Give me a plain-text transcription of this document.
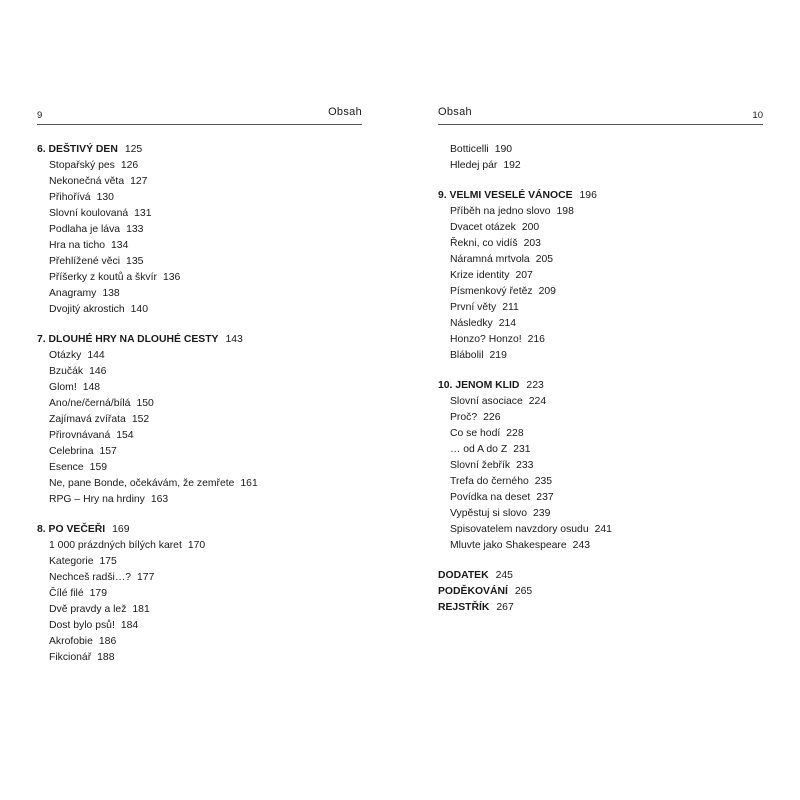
9	Obsah
6. DEŠTIVÝ DEN 125
Stopařský pes 126
Nekonečná věta 127
Přihořívá 130
Slovní koulovaná 131
Podlaha je láva 133
Hra na ticho 134
Přehlížené věci 135
Příšerky z koutů a škvír 136
Anagramy 138
Dvojitý akrostich 140
7. DLOUHÉ HRY NA DLOUHÉ CESTY 143
Otázky 144
Bzučák 146
Glom! 148
Ano/ne/černá/bílá 150
Zajímavá zvířata 152
Přirovnávaná 154
Celebrina 157
Esence 159
Ne, pane Bonde, očekávám, že zemřete 161
RPG – Hry na hrdiny 163
8. PO VEČEŘI 169
1 000 prázdných bílých karet 170
Kategorie 175
Nechceš radši…? 177
Čílé filé 179
Dvě pravdy a lež 181
Dost bylo psů! 184
Akrofobie 186
Fikcionář 188
Obsah	10
Botticelli 190
Hledej pár 192
9. VELMI VESELÉ VÁNOCE 196
Příběh na jedno slovo 198
Dvacet otázek 200
Řekni, co vidíš 203
Náramná mrtvola 205
Krize identity 207
Písmenkový řetěz 209
První věty 211
Následky 214
Honzo? Honzo! 216
Blábolil 219
10. JENOM KLID 223
Slovní asociace 224
Proč? 226
Co se hodí 228
… od A do Z 231
Slovní žebřík 233
Trefa do černého 235
Povídka na deset 237
Vypěstuj si slovo 239
Spisovatelem navzdory osudu 241
Mluvte jako Shakespeare 243
DODATEK 245
PODĚKOVÁNÍ 265
REJSTŘÍK 267
